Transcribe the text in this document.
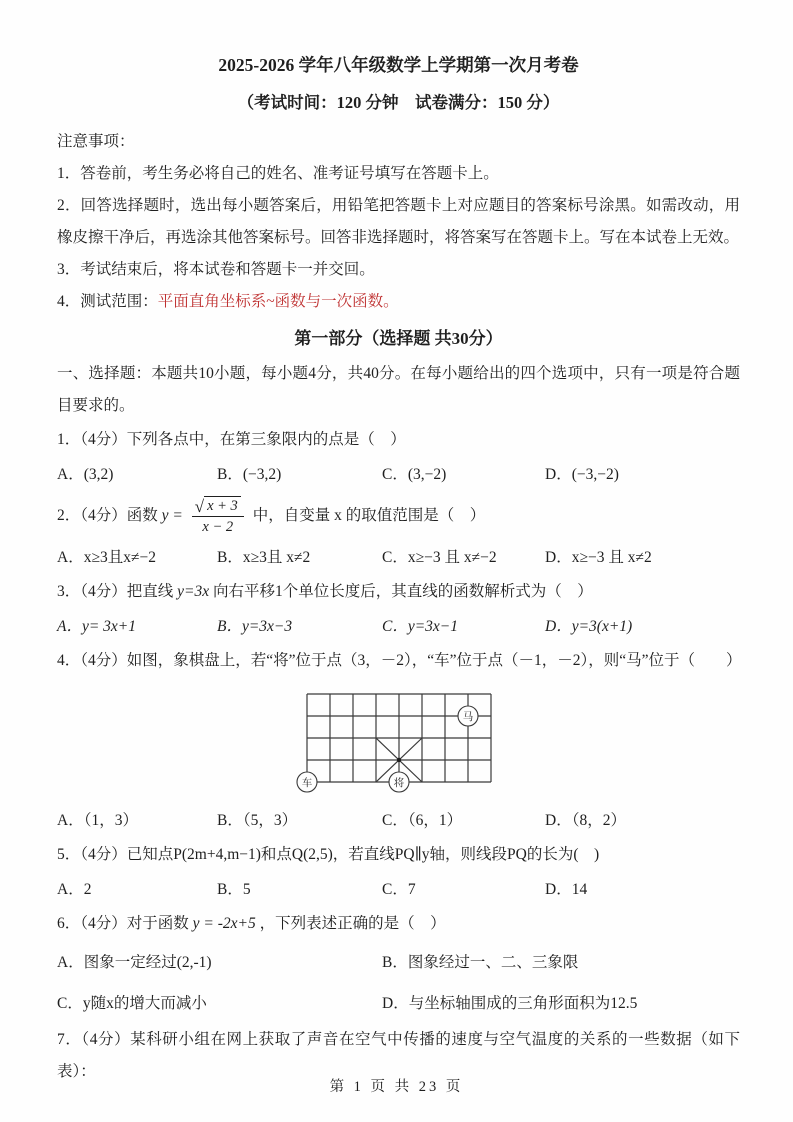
2025-2026 学年八年级数学上学期第一次月考卷
（考试时间：120 分钟　试卷满分：150 分）

注意事项：

1．答卷前，考生务必将自己的姓名、准考证号填写在答题卡上。

2．回答选择题时，选出每小题答案后，用铅笔把答题卡上对应题目的答案标号涂黑。如需改动，用橡皮擦干净后，再选涂其他答案标号。回答非选择题时，将答案写在答题卡上。写在本试卷上无效。

3．考试结束后，将本试卷和答题卡一并交回。

4．测试范围：平面直角坐标系~函数与一次函数。

第一部分（选择题 共30分）

一、选择题：本题共10小题，每小题4分，共40分。在每小题给出的四个选项中，只有一项是符合题目要求的。

1．（4分）下列各点中，在第三象限内的点是（　）

A．(3,2)	B．(−3,2)	C．(3,−2)	D．(−3,−2)

2．（4分）函数 $y = \frac{√ x + 3}{x - 2}$ 中，自变量 x 的取值范围是（　）

A．x≥3且x≠−2	B．x≥3且 x≠2	C．x≥−3 且 x≠−2	D．x≥−3 且 x≠2

3．（4分）把直线 y=3x 向右平移1个单位长度后，其直线的函数解析式为（　）

A．y= 3x+1	B．y=3x−3	C．y=3x−1	D．y=3(x+1)

4．（4分）如图，象棋盘上，若“将”位于点（3，－2），“车”位于点（－1，－2），则“马”位于（　　）

马
车	将
A．（1，3）	B．（5，3）	C．（6，1）	D．（8，2）

5．（4分）已知点P(2m+4,m−1)和点Q(2,5)，若直线PQ∥y轴，则线段PQ的长为(　)

A．2	B．5	C．7	D．14

6．（4分）对于函数 y = -2x+5 ，下列表述正确的是（　）

A．图象一定经过(2,-1)	B．图象经过一、二、三象限
C．y随x的增大而减小	D．与坐标轴围成的三角形面积为12.5

7．（4分）某科研小组在网上获取了声音在空气中传播的速度与空气温度的关系的一些数据（如下表）：

第 1 页 共 23 页
